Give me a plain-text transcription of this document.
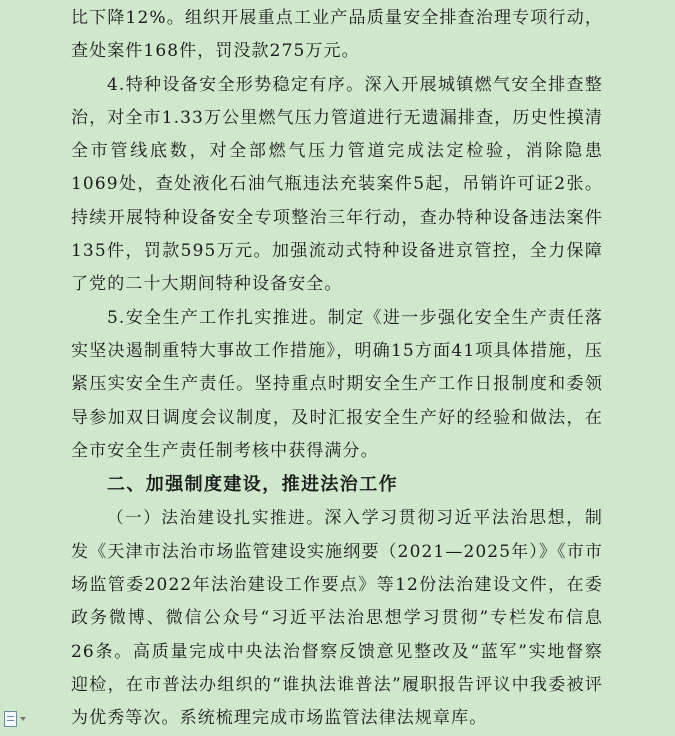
比下降12%。组织开展重点工业产品质量安全排查治理专项行动，查处案件168件，罚没款275万元。

4.特种设备安全形势稳定有序。深入开展城镇燃气安全排查整治，对全市1.33万公里燃气压力管道进行无遗漏排查，历史性摸清全市管线底数，对全部燃气压力管道完成法定检验，消除隐患1069处，查处液化石油气瓶违法充装案件5起，吊销许可证2张。持续开展特种设备安全专项整治三年行动，查办特种设备违法案件135件，罚款595万元。加强流动式特种设备进京管控，全力保障了党的二十大期间特种设备安全。

5.安全生产工作扎实推进。制定《进一步强化安全生产责任落实坚决遏制重特大事故工作措施》，明确15方面41项具体措施，压紧压实安全生产责任。坚持重点时期安全生产工作日报制度和委领导参加双日调度会议制度，及时汇报安全生产好的经验和做法，在全市安全生产责任制考核中获得满分。

二、加强制度建设，推进法治工作

（一）法治建设扎实推进。深入学习贯彻习近平法治思想，制发《天津市法治市场监管建设实施纲要（2021—2025年）》《市市场监管委2022年法治建设工作要点》等12份法治建设文件，在委政务微博、微信公众号“习近平法治思想学习贯彻”专栏发布信息26条。高质量完成中央法治督察反馈意见整改及“蓝军”实地督察迎检，在市普法办组织的“谁执法谁普法”履职报告评议中我委被评为优秀等次。系统梳理完成市场监管法律法规章库。
